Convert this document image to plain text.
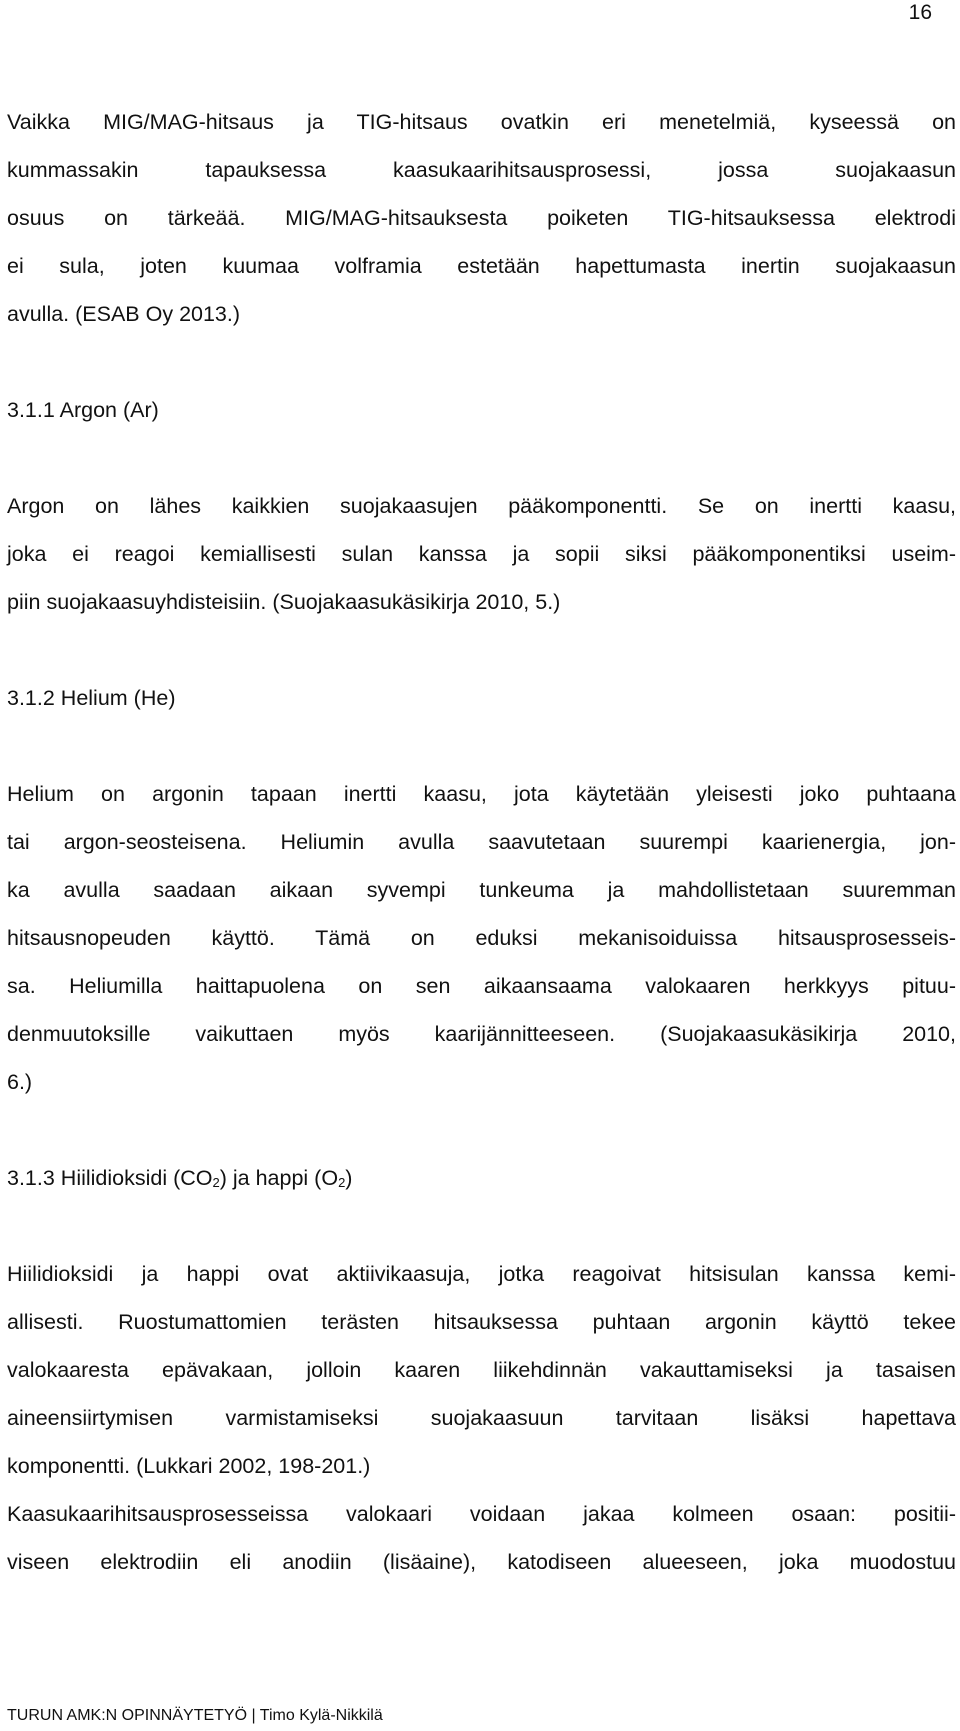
16
Vaikka MIG/MAG-hitsaus ja TIG-hitsaus ovatkin eri menetelmiä, kyseessä on
kummassakin tapauksessa kaasukaarihitsausprosessi, jossa suojakaasun
osuus on tärkeää. MIG/MAG-hitsauksesta poiketen TIG-hitsauksessa elektrodi
ei sula, joten kuumaa volframia estetään hapettumasta inertin suojakaasun
avulla. (ESAB Oy 2013.)
3.1.1 Argon (Ar)
Argon on lähes kaikkien suojakaasujen pääkomponentti. Se on inertti kaasu,
joka ei reagoi kemiallisesti sulan kanssa ja sopii siksi pääkomponentiksi useim-
piin suojakaasuyhdisteisiin. (Suojakaasukäsikirja 2010, 5.)
3.1.2 Helium (He)
Helium on argonin tapaan inertti kaasu, jota käytetään yleisesti joko puhtaana
tai argon-seosteisena. Heliumin avulla saavutetaan suurempi kaarienergia, jon-
ka avulla saadaan aikaan syvempi tunkeuma ja mahdollistetaan suuremman
hitsausnopeuden käyttö. Tämä on eduksi mekanisoiduissa hitsausprosesseis-
sa. Heliumilla haittapuolena on sen aikaansaama valokaaren herkkyys pituu-
denmuutoksille vaikuttaen myös kaarijännitteeseen. (Suojakaasukäsikirja 2010,
6.)
3.1.3 Hiilidioksidi $(CO_2)$ ja happi $(O_2)$
Hiilidioksidi ja happi ovat aktiivikaasuja, jotka reagoivat hitsisulan kanssa kemi-
allisesti. Ruostumattomien terästen hitsauksessa puhtaan argonin käyttö tekee
valokaaresta epävakaan, jolloin kaaren liikehdinnän vakauttamiseksi ja tasaisen
aineensiirtymisen varmistamiseksi suojakaasuun tarvitaan lisäksi hapettava
komponentti. (Lukkari 2002, 198-201.)
Kaasukaarihitsausprosesseissa valokaari voidaan jakaa kolmeen osaan: positii-
viseen elektrodiin eli anodiin (lisäaine), katodiseen alueeseen, joka muodostuu
TURUN AMK:N OPINNÄYTETYÖ | Timo Kylä-Nikkilä
